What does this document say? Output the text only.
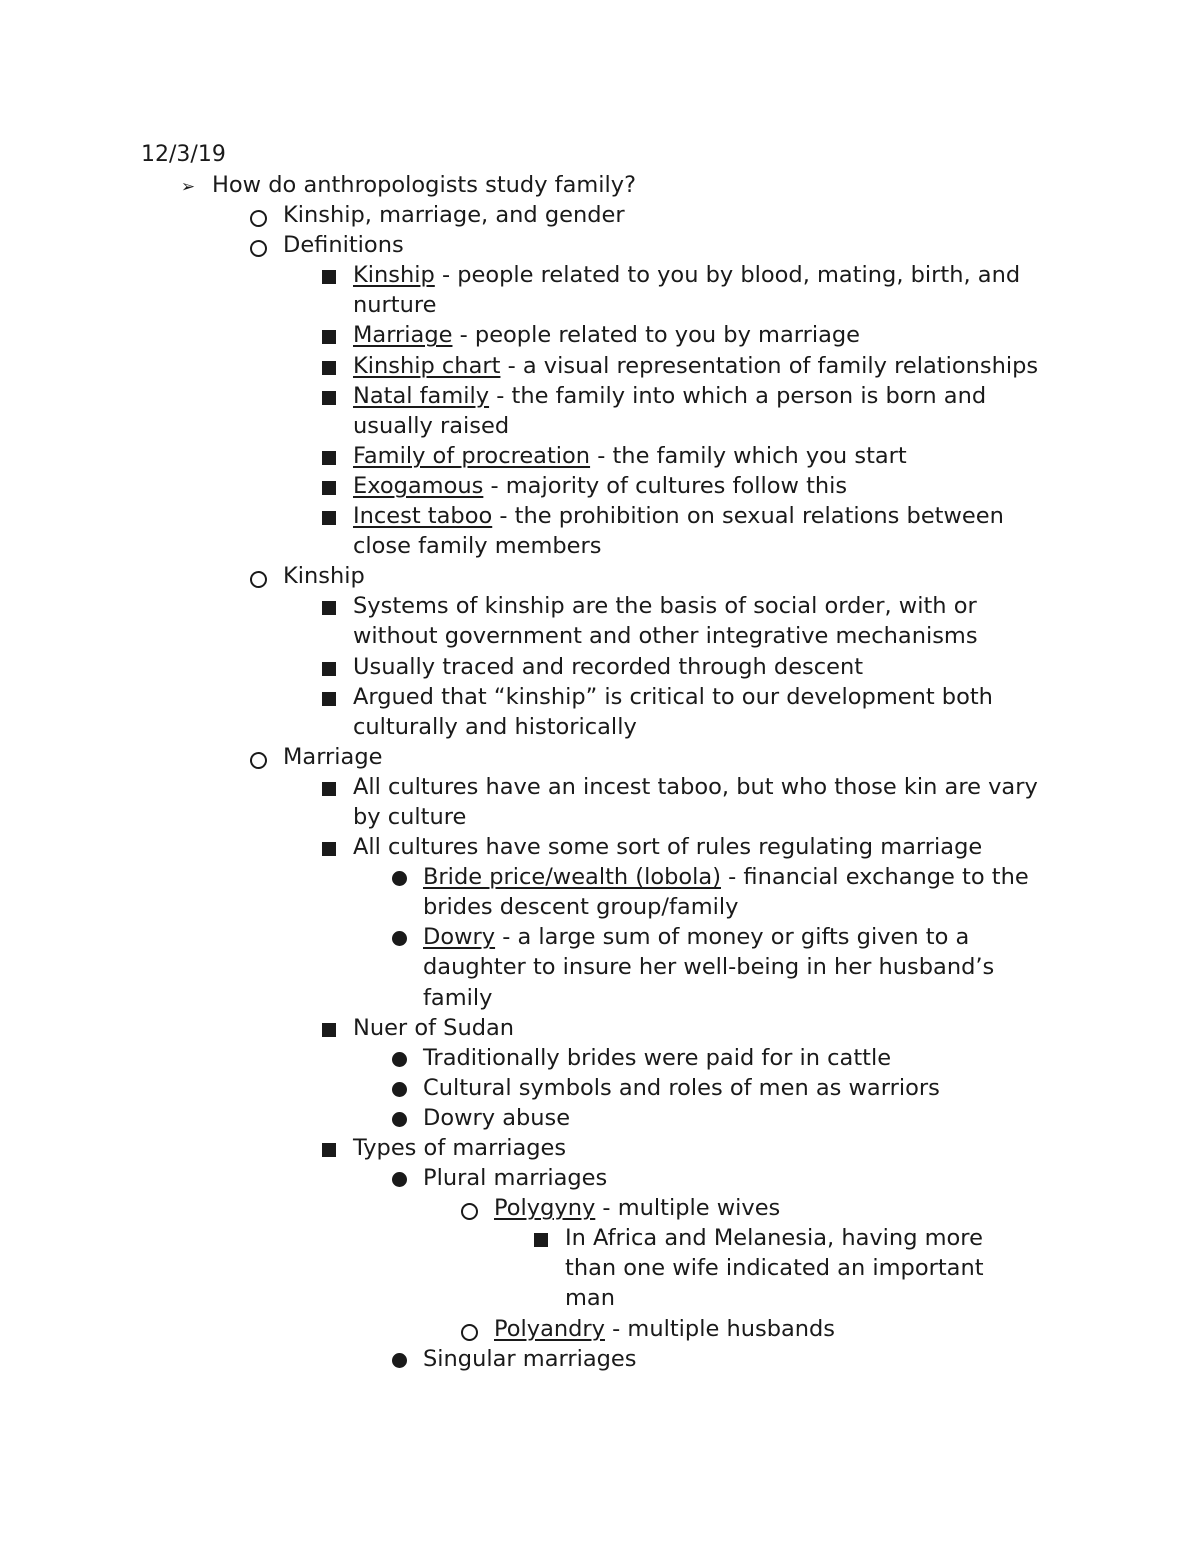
12/3/19
➢ How do anthropologists study family?
Kinship, marriage, and gender
Definitions
Kinship - people related to you by blood, mating, birth, and nurture
Marriage - people related to you by marriage
Kinship chart - a visual representation of family relationships
Natal family - the family into which a person is born and usually raised
Family of procreation - the family which you start
Exogamous - majority of cultures follow this
Incest taboo - the prohibition on sexual relations between close family members
Kinship
Systems of kinship are the basis of social order, with or without government and other integrative mechanisms
Usually traced and recorded through descent
Argued that “kinship” is critical to our development both culturally and historically
Marriage
All cultures have an incest taboo, but who those kin are vary by culture
All cultures have some sort of rules regulating marriage
Bride price/wealth (lobola) - financial exchange to the brides descent group/family
Dowry - a large sum of money or gifts given to a daughter to insure her well-being in her husband’s family
Nuer of Sudan
Traditionally brides were paid for in cattle
Cultural symbols and roles of men as warriors
Dowry abuse
Types of marriages
Plural marriages
Polygyny - multiple wives
In Africa and Melanesia, having more than one wife indicated an important man
Polyandry - multiple husbands
Singular marriages
